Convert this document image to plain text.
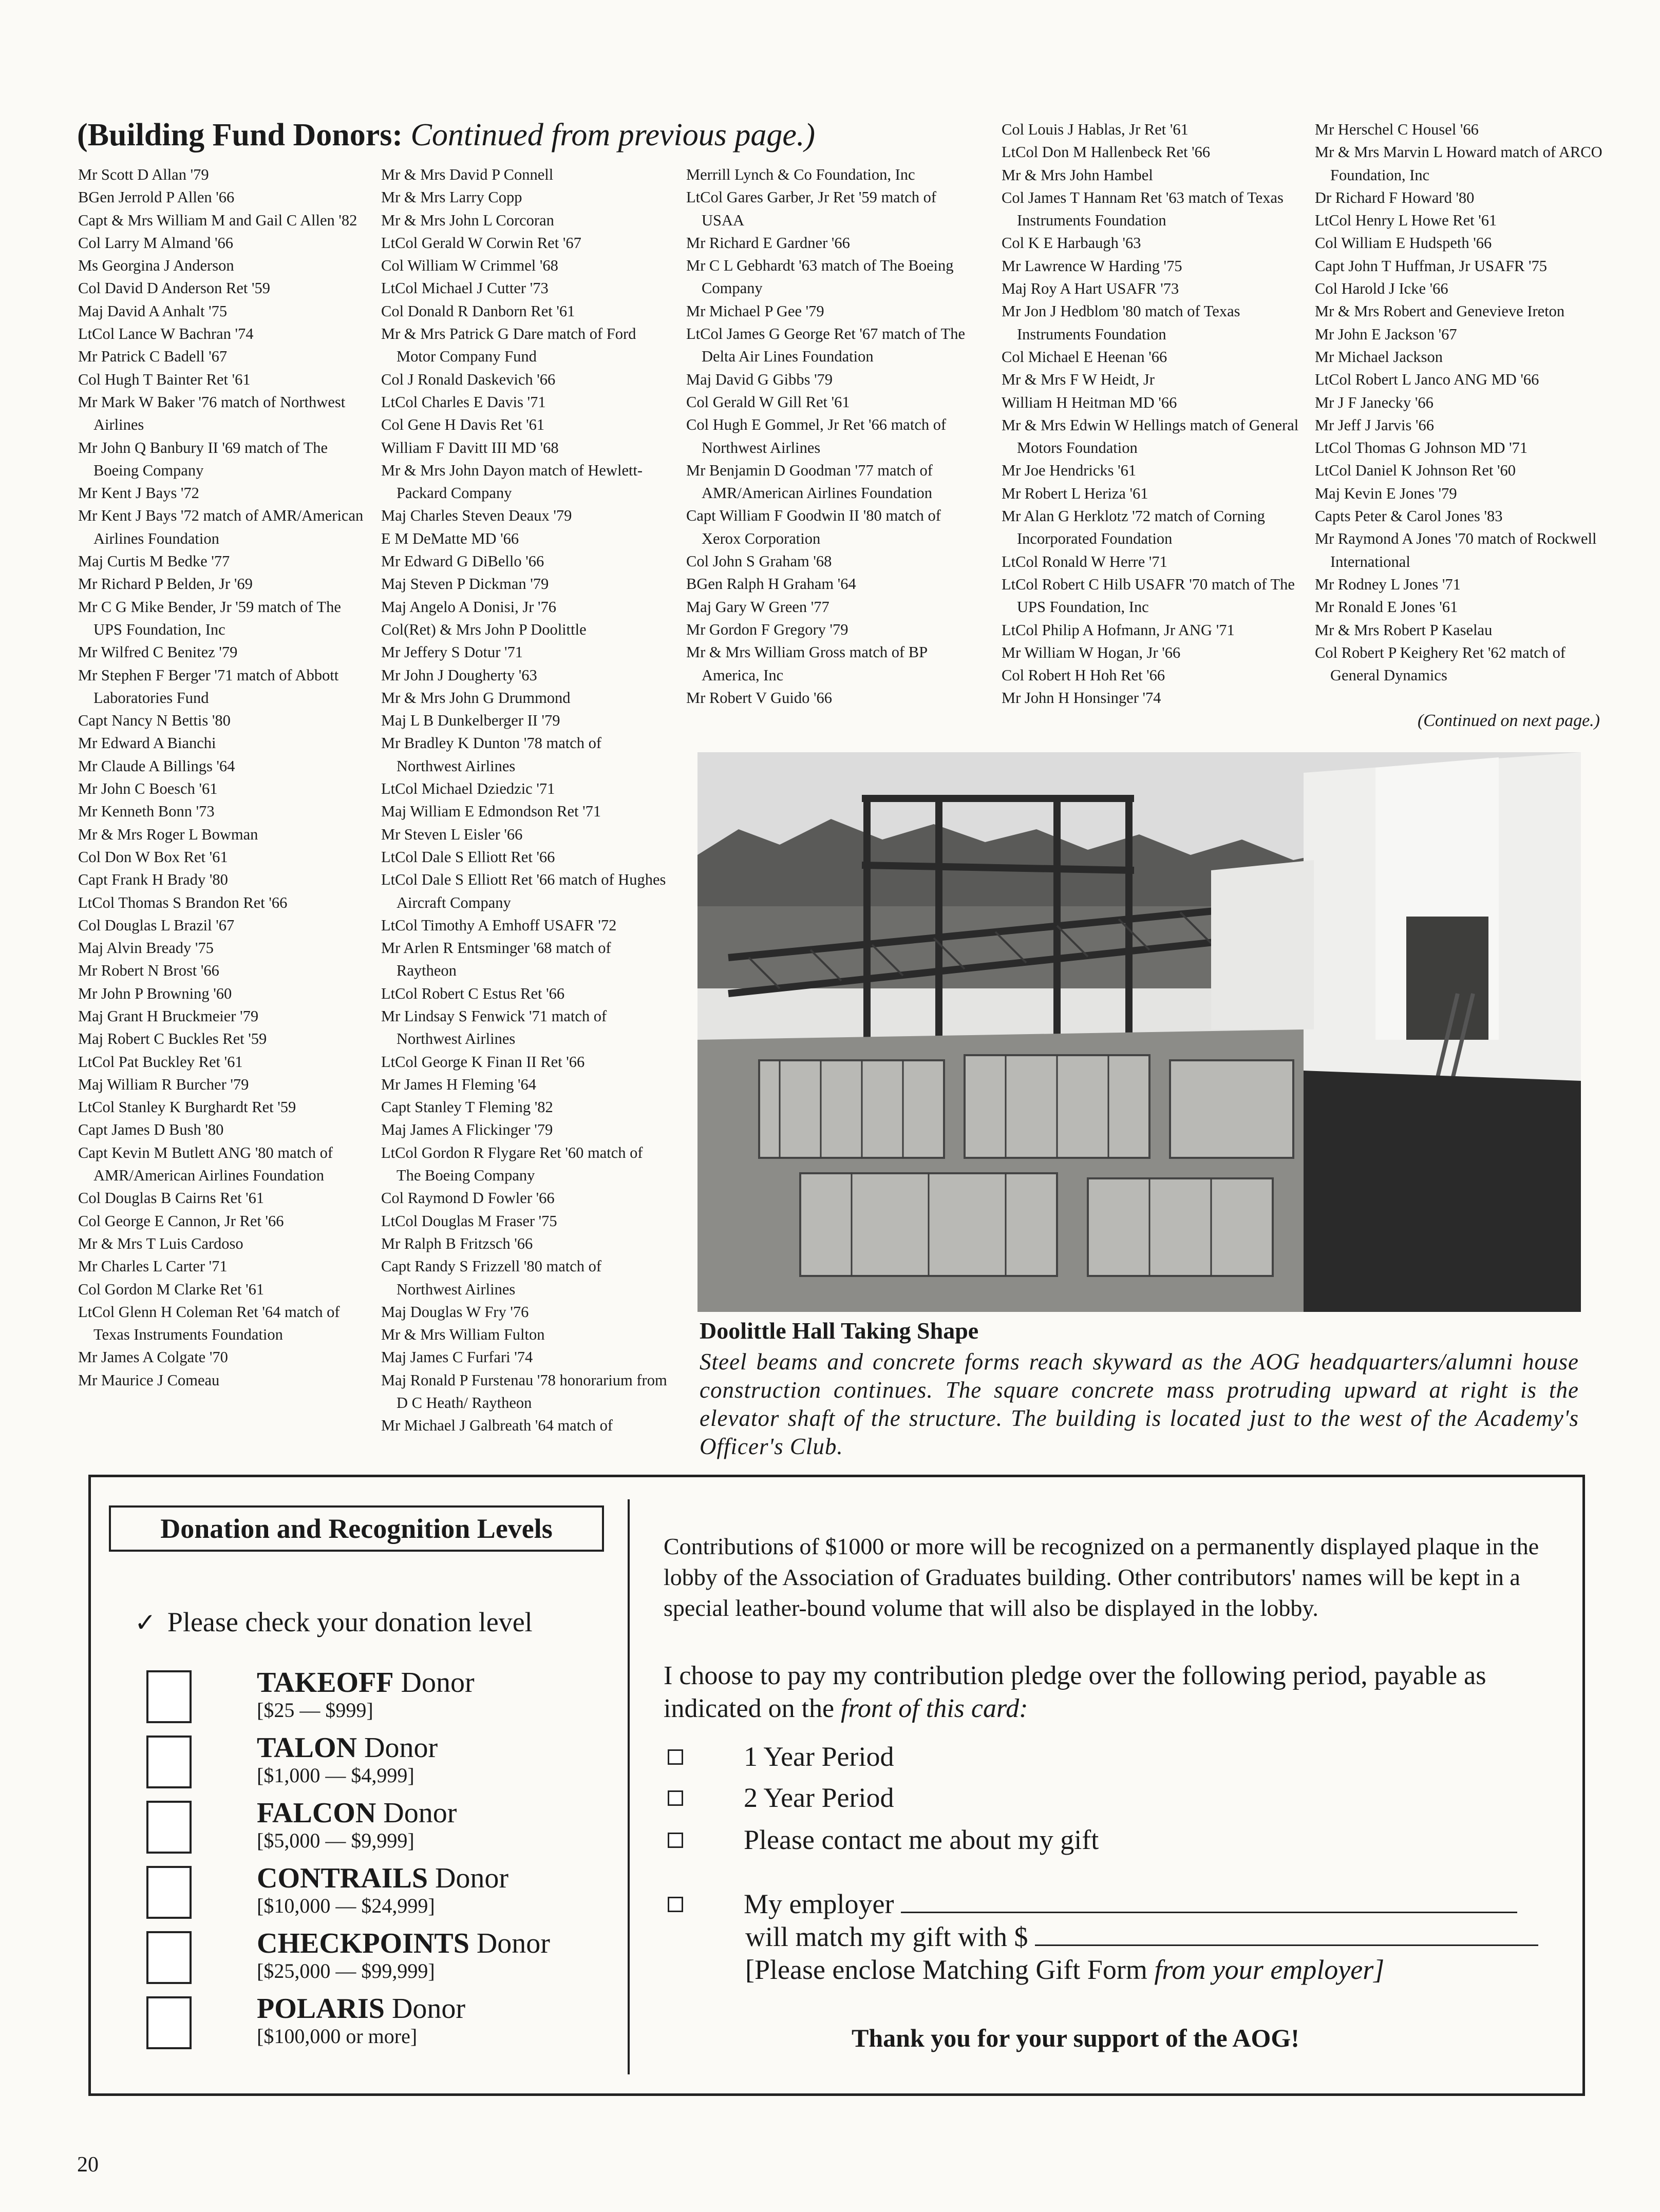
(Building Fund Donors: Continued from previous page.)
Mr Scott D Allan '79
BGen Jerrold P Allen '66
Capt & Mrs William M and Gail C Allen '82
Col Larry M Almand '66
Ms Georgina J Anderson
Col David D Anderson Ret '59
Maj David A Anhalt '75
LtCol Lance W Bachran '74
Mr Patrick C Badell '67
Col Hugh T Bainter Ret '61
Mr Mark W Baker '76 match of Northwest Airlines
Mr John Q Banbury II '69 match of The Boeing Company
Mr Kent J Bays '72
Mr Kent J Bays '72 match of AMR/American Airlines Foundation
Maj Curtis M Bedke '77
Mr Richard P Belden, Jr '69
Mr C G Mike Bender, Jr '59 match of The UPS Foundation, Inc
Mr Wilfred C Benitez '79
Mr Stephen F Berger '71 match of Abbott Laboratories Fund
Capt Nancy N Bettis '80
Mr Edward A Bianchi
Mr Claude A Billings '64
Mr John C Boesch '61
Mr Kenneth Bonn '73
Mr & Mrs Roger L Bowman
Col Don W Box Ret '61
Capt Frank H Brady '80
LtCol Thomas S Brandon Ret '66
Col Douglas L Brazil '67
Maj Alvin Bready '75
Mr Robert N Brost '66
Mr John P Browning '60
Maj Grant H Bruckmeier '79
Maj Robert C Buckles Ret '59
LtCol Pat Buckley Ret '61
Maj William R Burcher '79
LtCol Stanley K Burghardt Ret '59
Capt James D Bush '80
Capt Kevin M Butlett ANG '80 match of AMR/American Airlines Foundation
Col Douglas B Cairns Ret '61
Col George E Cannon, Jr Ret '66
Mr & Mrs T Luis Cardoso
Mr Charles L Carter '71
Col Gordon M Clarke Ret '61
LtCol Glenn H Coleman Ret '64 match of Texas Instruments Foundation
Mr James A Colgate '70
Mr Maurice J Comeau
Mr & Mrs David P Connell
Mr & Mrs Larry Copp
Mr & Mrs John L Corcoran
LtCol Gerald W Corwin Ret '67
Col William W Crimmel '68
LtCol Michael J Cutter '73
Col Donald R Danborn Ret '61
Mr & Mrs Patrick G Dare match of Ford Motor Company Fund
Col J Ronald Daskevich '66
LtCol Charles E Davis '71
Col Gene H Davis Ret '61
William F Davitt III MD '68
Mr & Mrs John Dayon match of Hewlett-Packard Company
Maj Charles Steven Deaux '79
E M DeMatte MD '66
Mr Edward G DiBello '66
Maj Steven P Dickman '79
Maj Angelo A Donisi, Jr '76
Col(Ret) & Mrs John P Doolittle
Mr Jeffery S Dotur '71
Mr John J Dougherty '63
Mr & Mrs John G Drummond
Maj L B Dunkelberger II '79
Mr Bradley K Dunton '78 match of Northwest Airlines
LtCol Michael Dziedzic '71
Maj William E Edmondson Ret '71
Mr Steven L Eisler '66
LtCol Dale S Elliott Ret '66
LtCol Dale S Elliott Ret '66 match of Hughes Aircraft Company
LtCol Timothy A Emhoff USAFR '72
Mr Arlen R Entsminger '68 match of Raytheon
LtCol Robert C Estus Ret '66
Mr Lindsay S Fenwick '71 match of Northwest Airlines
LtCol George K Finan II Ret '66
Mr James H Fleming '64
Capt Stanley T Fleming '82
Maj James A Flickinger '79
LtCol Gordon R Flygare Ret '60 match of The Boeing Company
Col Raymond D Fowler '66
LtCol Douglas M Fraser '75
Mr Ralph B Fritzsch '66
Capt Randy S Frizzell '80 match of Northwest Airlines
Maj Douglas W Fry '76
Mr & Mrs William Fulton
Maj James C Furfari '74
Maj Ronald P Furstenau '78 honorarium from D C Heath/ Raytheon
Mr Michael J Galbreath '64 match of
Merrill Lynch & Co Foundation, Inc
LtCol Gares Garber, Jr Ret '59 match of USAA
Mr Richard E Gardner '66
Mr C L Gebhardt '63 match of The Boeing Company
Mr Michael P Gee '79
LtCol James G George Ret '67 match of The Delta Air Lines Foundation
Maj David G Gibbs '79
Col Gerald W Gill Ret '61
Col Hugh E Gommel, Jr Ret '66 match of Northwest Airlines
Mr Benjamin D Goodman '77 match of AMR/American Airlines Foundation
Capt William F Goodwin II '80 match of Xerox Corporation
Col John S Graham '68
BGen Ralph H Graham '64
Maj Gary W Green '77
Mr Gordon F Gregory '79
Mr & Mrs William Gross match of BP America, Inc
Mr Robert V Guido '66
Col Louis J Hablas, Jr Ret '61
LtCol Don M Hallenbeck Ret '66
Mr & Mrs John Hambel
Col James T Hannam Ret '63 match of Texas Instruments Foundation
Col K E Harbaugh '63
Mr Lawrence W Harding '75
Maj Roy A Hart USAFR '73
Mr Jon J Hedblom '80 match of Texas Instruments Foundation
Col Michael E Heenan '66
Mr & Mrs F W Heidt, Jr
William H Heitman MD '66
Mr & Mrs Edwin W Hellings match of General Motors Foundation
Mr Joe Hendricks '61
Mr Robert L Heriza '61
Mr Alan G Herklotz '72 match of Corning Incorporated Foundation
LtCol Ronald W Herre '71
LtCol Robert C Hilb USAFR '70 match of The UPS Foundation, Inc
LtCol Philip A Hofmann, Jr ANG '71
Mr William W Hogan, Jr '66
Col Robert H Hoh Ret '66
Mr John H Honsinger '74
Mr Herschel C Housel '66
Mr & Mrs Marvin L Howard match of ARCO Foundation, Inc
Dr Richard F Howard '80
LtCol Henry L Howe Ret '61
Col William E Hudspeth '66
Capt John T Huffman, Jr USAFR '75
Col Harold J Icke '66
Mr & Mrs Robert and Genevieve Ireton
Mr John E Jackson '67
Mr Michael Jackson
LtCol Robert L Janco ANG MD '66
Mr J F Janecky '66
Mr Jeff J Jarvis '66
LtCol Thomas G Johnson MD '71
LtCol Daniel K Johnson Ret '60
Maj Kevin E Jones '79
Capts Peter & Carol Jones '83
Mr Raymond A Jones '70 match of Rockwell International
Mr Rodney L Jones '71
Mr Ronald E Jones '61
Mr & Mrs Robert P Kaselau
Col Robert P Keighery Ret '62 match of General Dynamics
(Continued on next page.)
Doolittle Hall Taking Shape
Steel beams and concrete forms reach skyward as the AOG headquarters/alumni house construction continues. The square concrete mass protruding upward at right is the elevator shaft of the structure. The building is located just to the west of the Academy's Officer's Club.
Donation and Recognition Levels
✓ Please check your donation level
TAKEOFF Donor
[$25 — $999]
TALON Donor
[$1,000 — $4,999]
FALCON Donor
[$5,000 — $9,999]
CONTRAILS Donor
[$10,000 — $24,999]
CHECKPOINTS Donor
[$25,000 — $99,999]
POLARIS Donor
[$100,000 or more]
Contributions of $1000 or more will be recognized on a permanently displayed plaque in the lobby of the Association of Graduates building. Other contributors' names will be kept in a special leather-bound volume that will also be displayed in the lobby.
I choose to pay my contribution pledge over the following period, payable as indicated on the front of this card:
1 Year Period
2 Year Period
Please contact me about my gift
My employer
will match my gift with $
[Please enclose Matching Gift Form from your employer]
Thank you for your support of the AOG!
20
